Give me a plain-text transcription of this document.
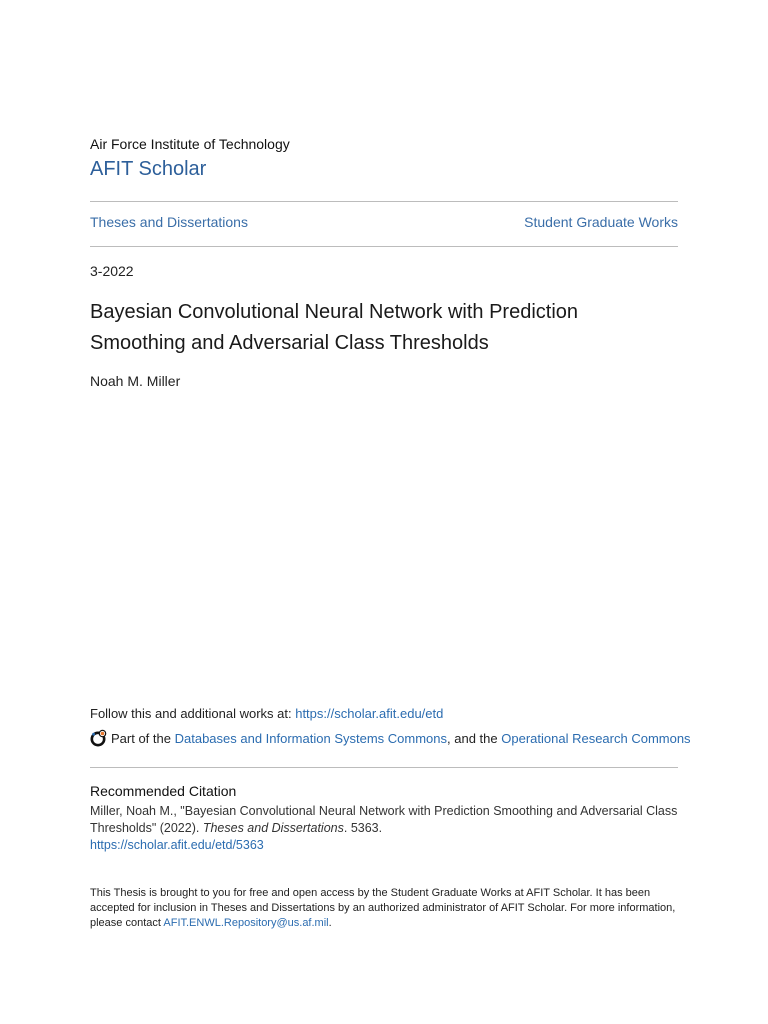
Air Force Institute of Technology
AFIT Scholar
Theses and Dissertations	Student Graduate Works
3-2022
Bayesian Convolutional Neural Network with Prediction Smoothing and Adversarial Class Thresholds
Noah M. Miller
Follow this and additional works at: https://scholar.afit.edu/etd
Part of the
Databases and Information Systems Commons , and the
Operational Research Commons
Recommended Citation
Miller, Noah M., "Bayesian Convolutional Neural Network with Prediction Smoothing and Adversarial Class Thresholds" (2022). Theses and Dissertations. 5363.
https://scholar.afit.edu/etd/5363
This Thesis is brought to you for free and open access by the Student Graduate Works at AFIT Scholar. It has been accepted for inclusion in Theses and Dissertations by an authorized administrator of AFIT Scholar. For more information, please contact AFIT.ENWL.Repository@us.af.mil.
